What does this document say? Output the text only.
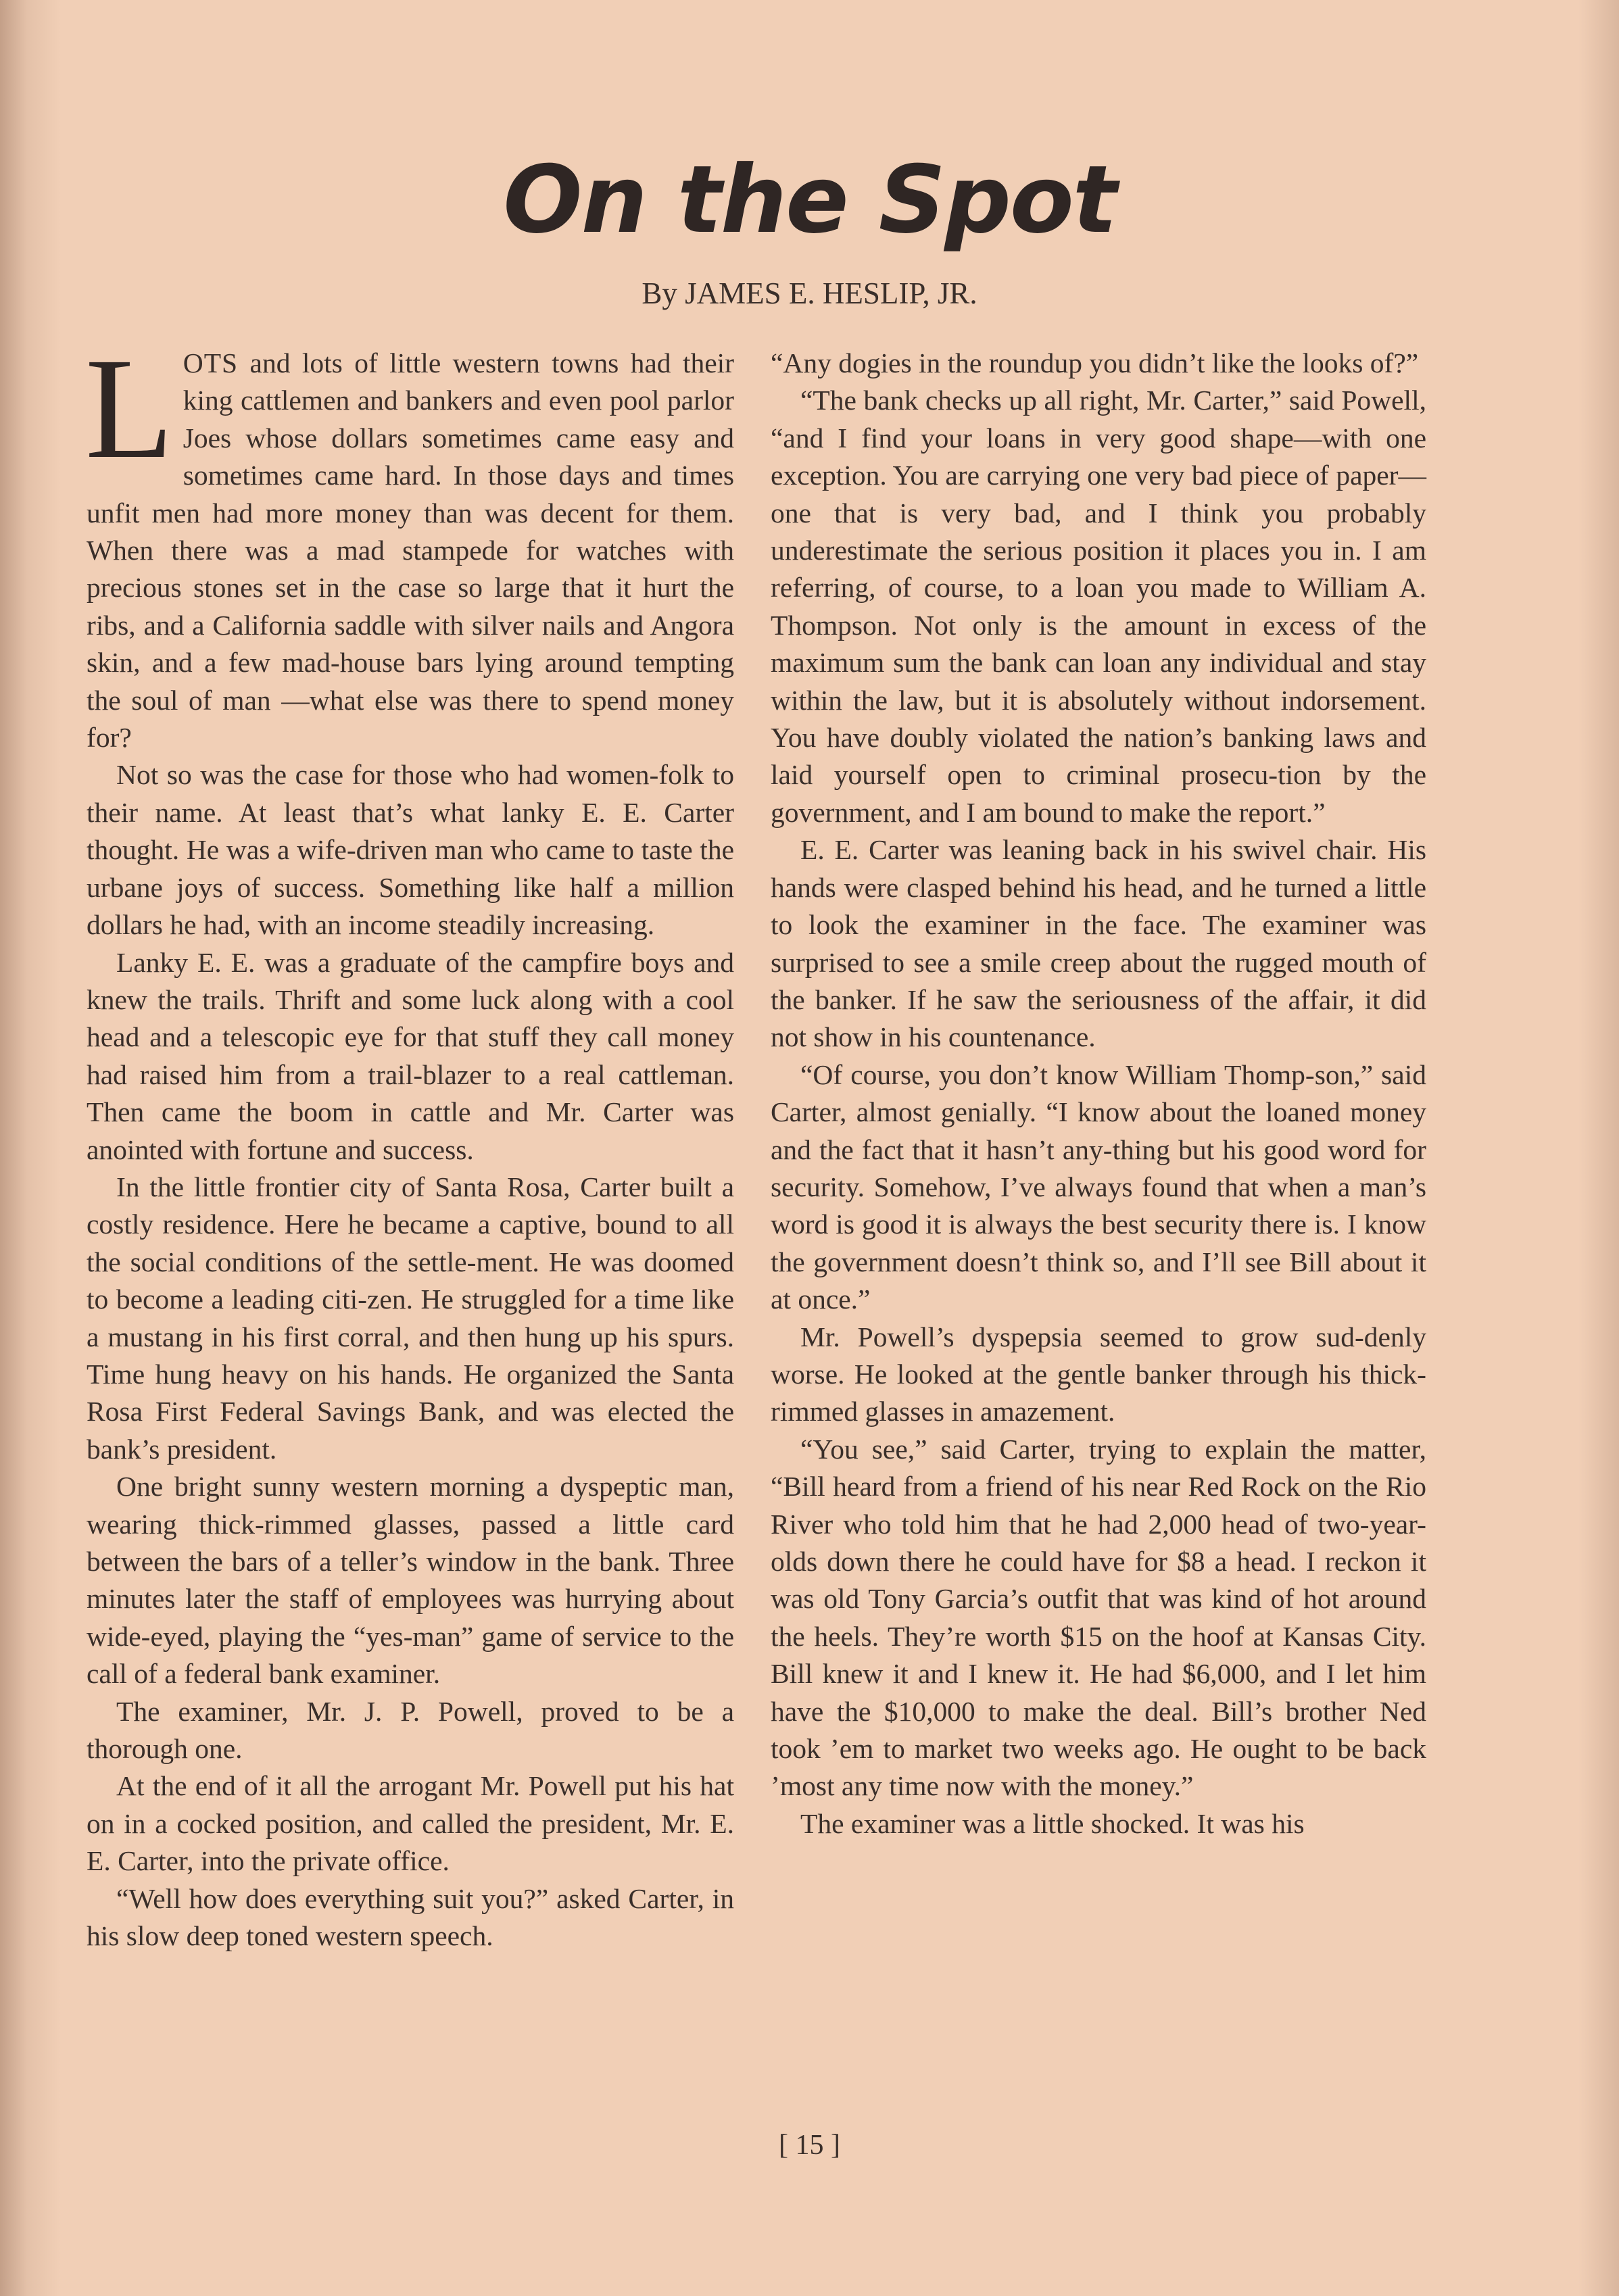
On the Spot

By JAMES E. HESLIP, JR.

LOTS and lots of little western towns had their king cattlemen and bankers and even pool parlor Joes whose dollars sometimes came easy and sometimes came hard. In those days and times unfit men had more money than was decent for them. When there was a mad stampede for watches with precious stones set in the case so large that it hurt the ribs, and a California saddle with silver nails and Angora skin, and a few mad-house bars lying around tempting the soul of man —what else was there to spend money for?

Not so was the case for those who had women-folk to their name. At least that’s what lanky E. E. Carter thought. He was a wife-driven man who came to taste the urbane joys of success. Something like half a million dollars he had, with an income steadily increasing.

Lanky E. E. was a graduate of the campfire boys and knew the trails. Thrift and some luck along with a cool head and a telescopic eye for that stuff they call money had raised him from a trail-blazer to a real cattleman. Then came the boom in cattle and Mr. Carter was anointed with fortune and success.

In the little frontier city of Santa Rosa, Carter built a costly residence. Here he became a captive, bound to all the social conditions of the settle-ment. He was doomed to become a leading citi-zen. He struggled for a time like a mustang in his first corral, and then hung up his spurs. Time hung heavy on his hands. He organized the Santa Rosa First Federal Savings Bank, and was elected the bank’s president.

One bright sunny western morning a dyspeptic man, wearing thick-rimmed glasses, passed a little card between the bars of a teller’s window in the bank. Three minutes later the staff of employees was hurrying about wide-eyed, playing the “yes-man” game of service to the call of a federal bank examiner.

The examiner, Mr. J. P. Powell, proved to be a thorough one.

At the end of it all the arrogant Mr. Powell put his hat on in a cocked position, and called the president, Mr. E. E. Carter, into the private office.

“Well how does everything suit you?” asked Carter, in his slow deep toned western speech.

“Any dogies in the roundup you didn’t like the looks of?”

“The bank checks up all right, Mr. Carter,” said Powell, “and I find your loans in very good shape—with one exception. You are carrying one very bad piece of paper—one that is very bad, and I think you probably underestimate the serious position it places you in. I am referring, of course, to a loan you made to William A. Thompson. Not only is the amount in excess of the maximum sum the bank can loan any individual and stay within the law, but it is absolutely without indorsement. You have doubly violated the nation’s banking laws and laid yourself open to criminal prosecu-tion by the government, and I am bound to make the report.”

E. E. Carter was leaning back in his swivel chair. His hands were clasped behind his head, and he turned a little to look the examiner in the face. The examiner was surprised to see a smile creep about the rugged mouth of the banker. If he saw the seriousness of the affair, it did not show in his countenance.

“Of course, you don’t know William Thomp-son,” said Carter, almost genially. “I know about the loaned money and the fact that it hasn’t any-thing but his good word for security. Somehow, I’ve always found that when a man’s word is good it is always the best security there is. I know the government doesn’t think so, and I’ll see Bill about it at once.”

Mr. Powell’s dyspepsia seemed to grow sud-denly worse. He looked at the gentle banker through his thick-rimmed glasses in amazement.

“You see,” said Carter, trying to explain the matter, “Bill heard from a friend of his near Red Rock on the Rio River who told him that he had 2,000 head of two-year-olds down there he could have for $8 a head. I reckon it was old Tony Garcia’s outfit that was kind of hot around the heels. They’re worth $15 on the hoof at Kansas City. Bill knew it and I knew it. He had $6,000, and I let him have the $10,000 to make the deal. Bill’s brother Ned took ’em to market two weeks ago. He ought to be back ’most any time now with the money.”

The examiner was a little shocked. It was his

[ 15 ]
